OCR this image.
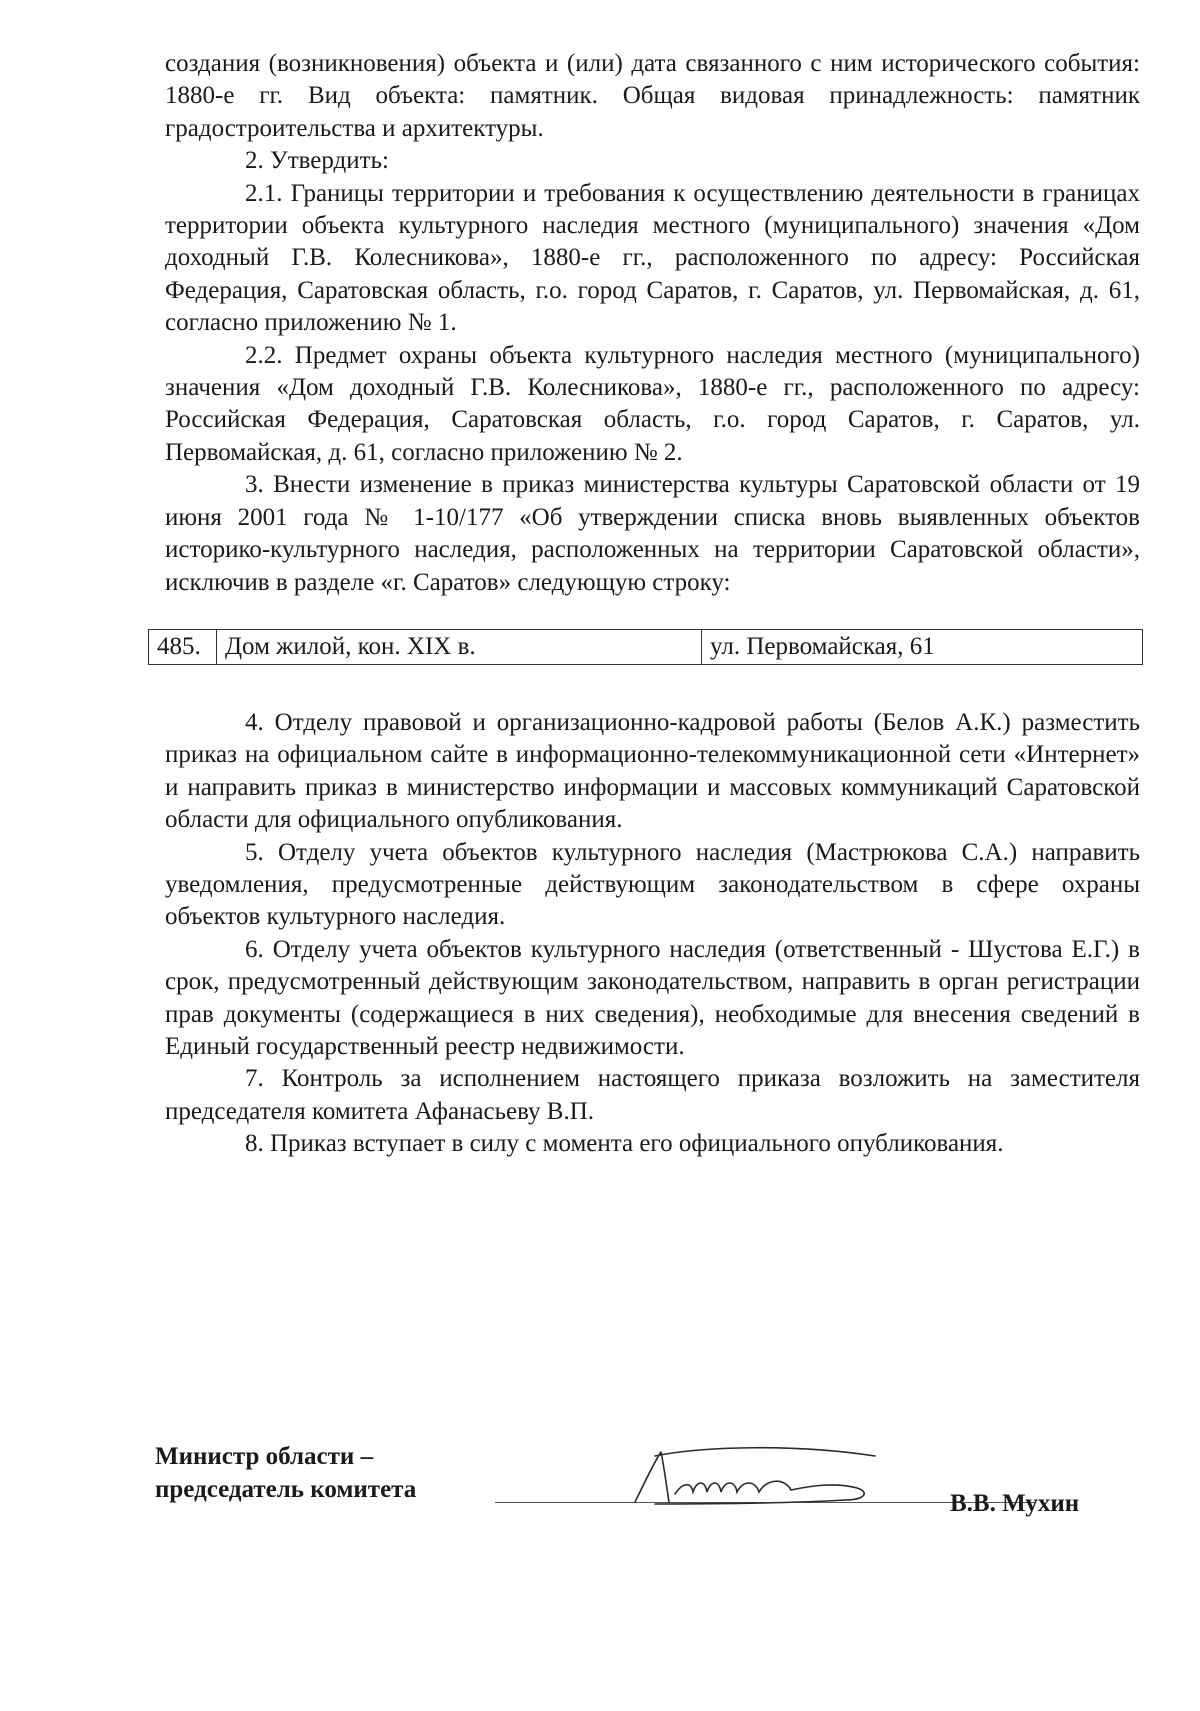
создания (возникновения) объекта и (или) дата связанного с ним исторического события: 1880-е гг. Вид объекта: памятник. Общая видовая принадлежность: памятник градостроительства и архитектуры.

2. Утвердить:

2.1. Границы территории и требования к осуществлению деятельности в границах территории объекта культурного наследия местного (муниципального) значения «Дом доходный Г.В. Колесникова», 1880-е гг., расположенного по адресу: Российская Федерация, Саратовская область, г.о. город Саратов, г. Саратов, ул. Первомайская, д. 61, согласно приложению № 1.

2.2. Предмет охраны объекта культурного наследия местного (муниципального) значения «Дом доходный Г.В. Колесникова», 1880-е гг., расположенного по адресу: Российская Федерация, Саратовская область, г.о. город Саратов, г. Саратов, ул. Первомайская, д. 61, согласно приложению № 2.

3. Внести изменение в приказ министерства культуры Саратовской области от 19 июня 2001 года № 1-10/177 «Об утверждении списка вновь выявленных объектов историко-культурного наследия, расположенных на территории Саратовской области», исключив в разделе «г. Саратов» следующую строку:

485.	Дом жилой, кон. XIX в.	ул. Первомайская, 61

4. Отделу правовой и организационно-кадровой работы (Белов А.К.) разместить приказ на официальном сайте в информационно-телекоммуникационной сети «Интернет» и направить приказ в министерство информации и массовых коммуникаций Саратовской области для официального опубликования.

5. Отделу учета объектов культурного наследия (Мастрюкова С.А.) направить уведомления, предусмотренные действующим законодательством в сфере охраны объектов культурного наследия.

6. Отделу учета объектов культурного наследия (ответственный - Шустова Е.Г.) в срок, предусмотренный действующим законодательством, направить в орган регистрации прав документы (содержащиеся в них сведения), необходимые для внесения сведений в Единый государственный реестр недвижимости.

7. Контроль за исполнением настоящего приказа возложить на заместителя председателя комитета Афанасьеву В.П.

8. Приказ вступает в силу с момента его официального опубликования.

Министр области –
председатель комитета
В.В. Мухин
